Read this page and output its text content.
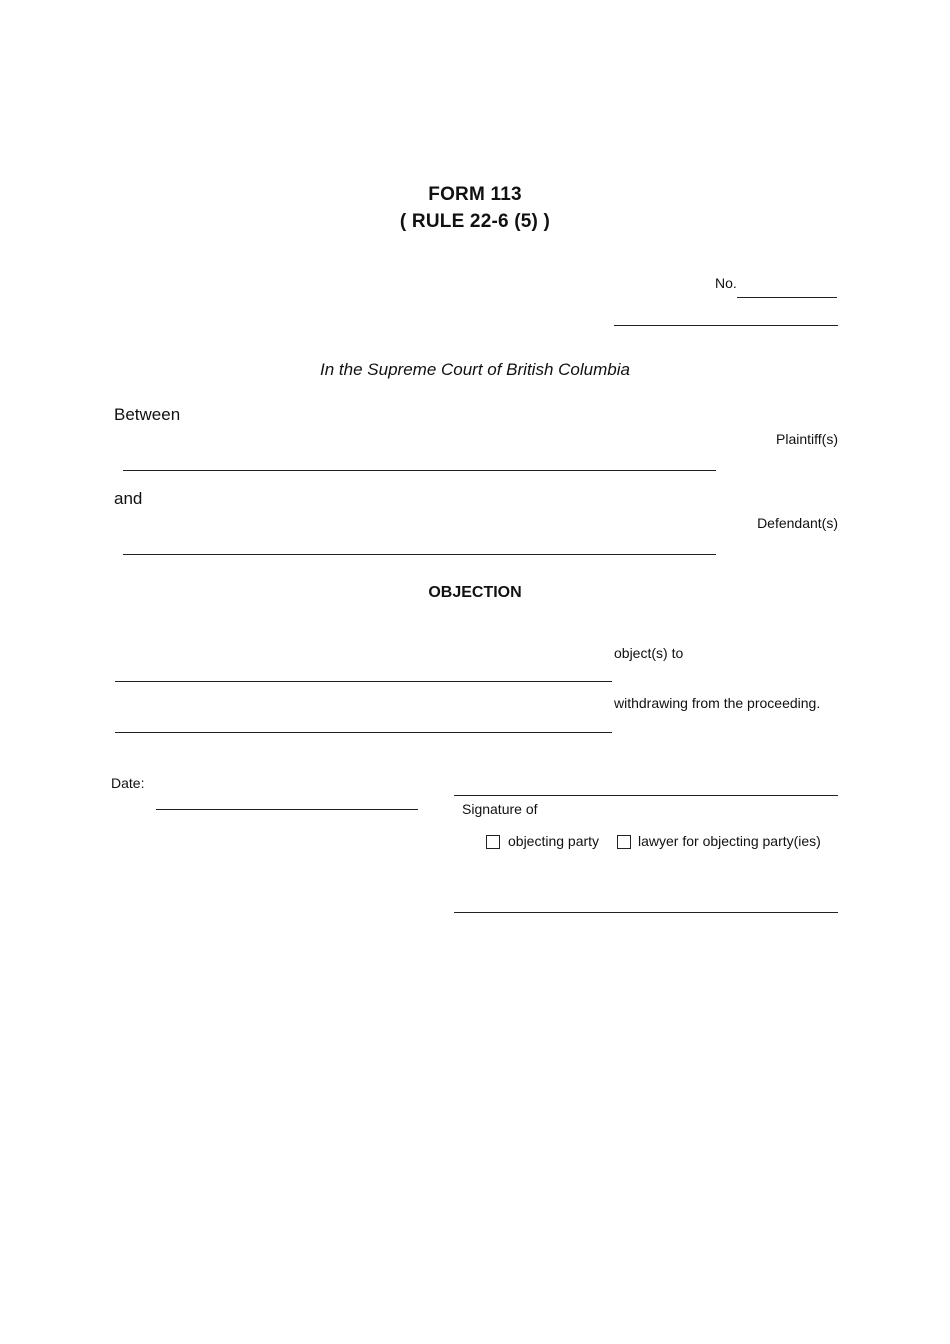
FORM 113
( RULE 22-6 (5) )
No.
In the Supreme Court of British Columbia
Between
Plaintiff(s)
and
Defendant(s)
OBJECTION
object(s) to
withdrawing from the proceeding.
Date:
Signature of
objecting party	lawyer for objecting party(ies)
